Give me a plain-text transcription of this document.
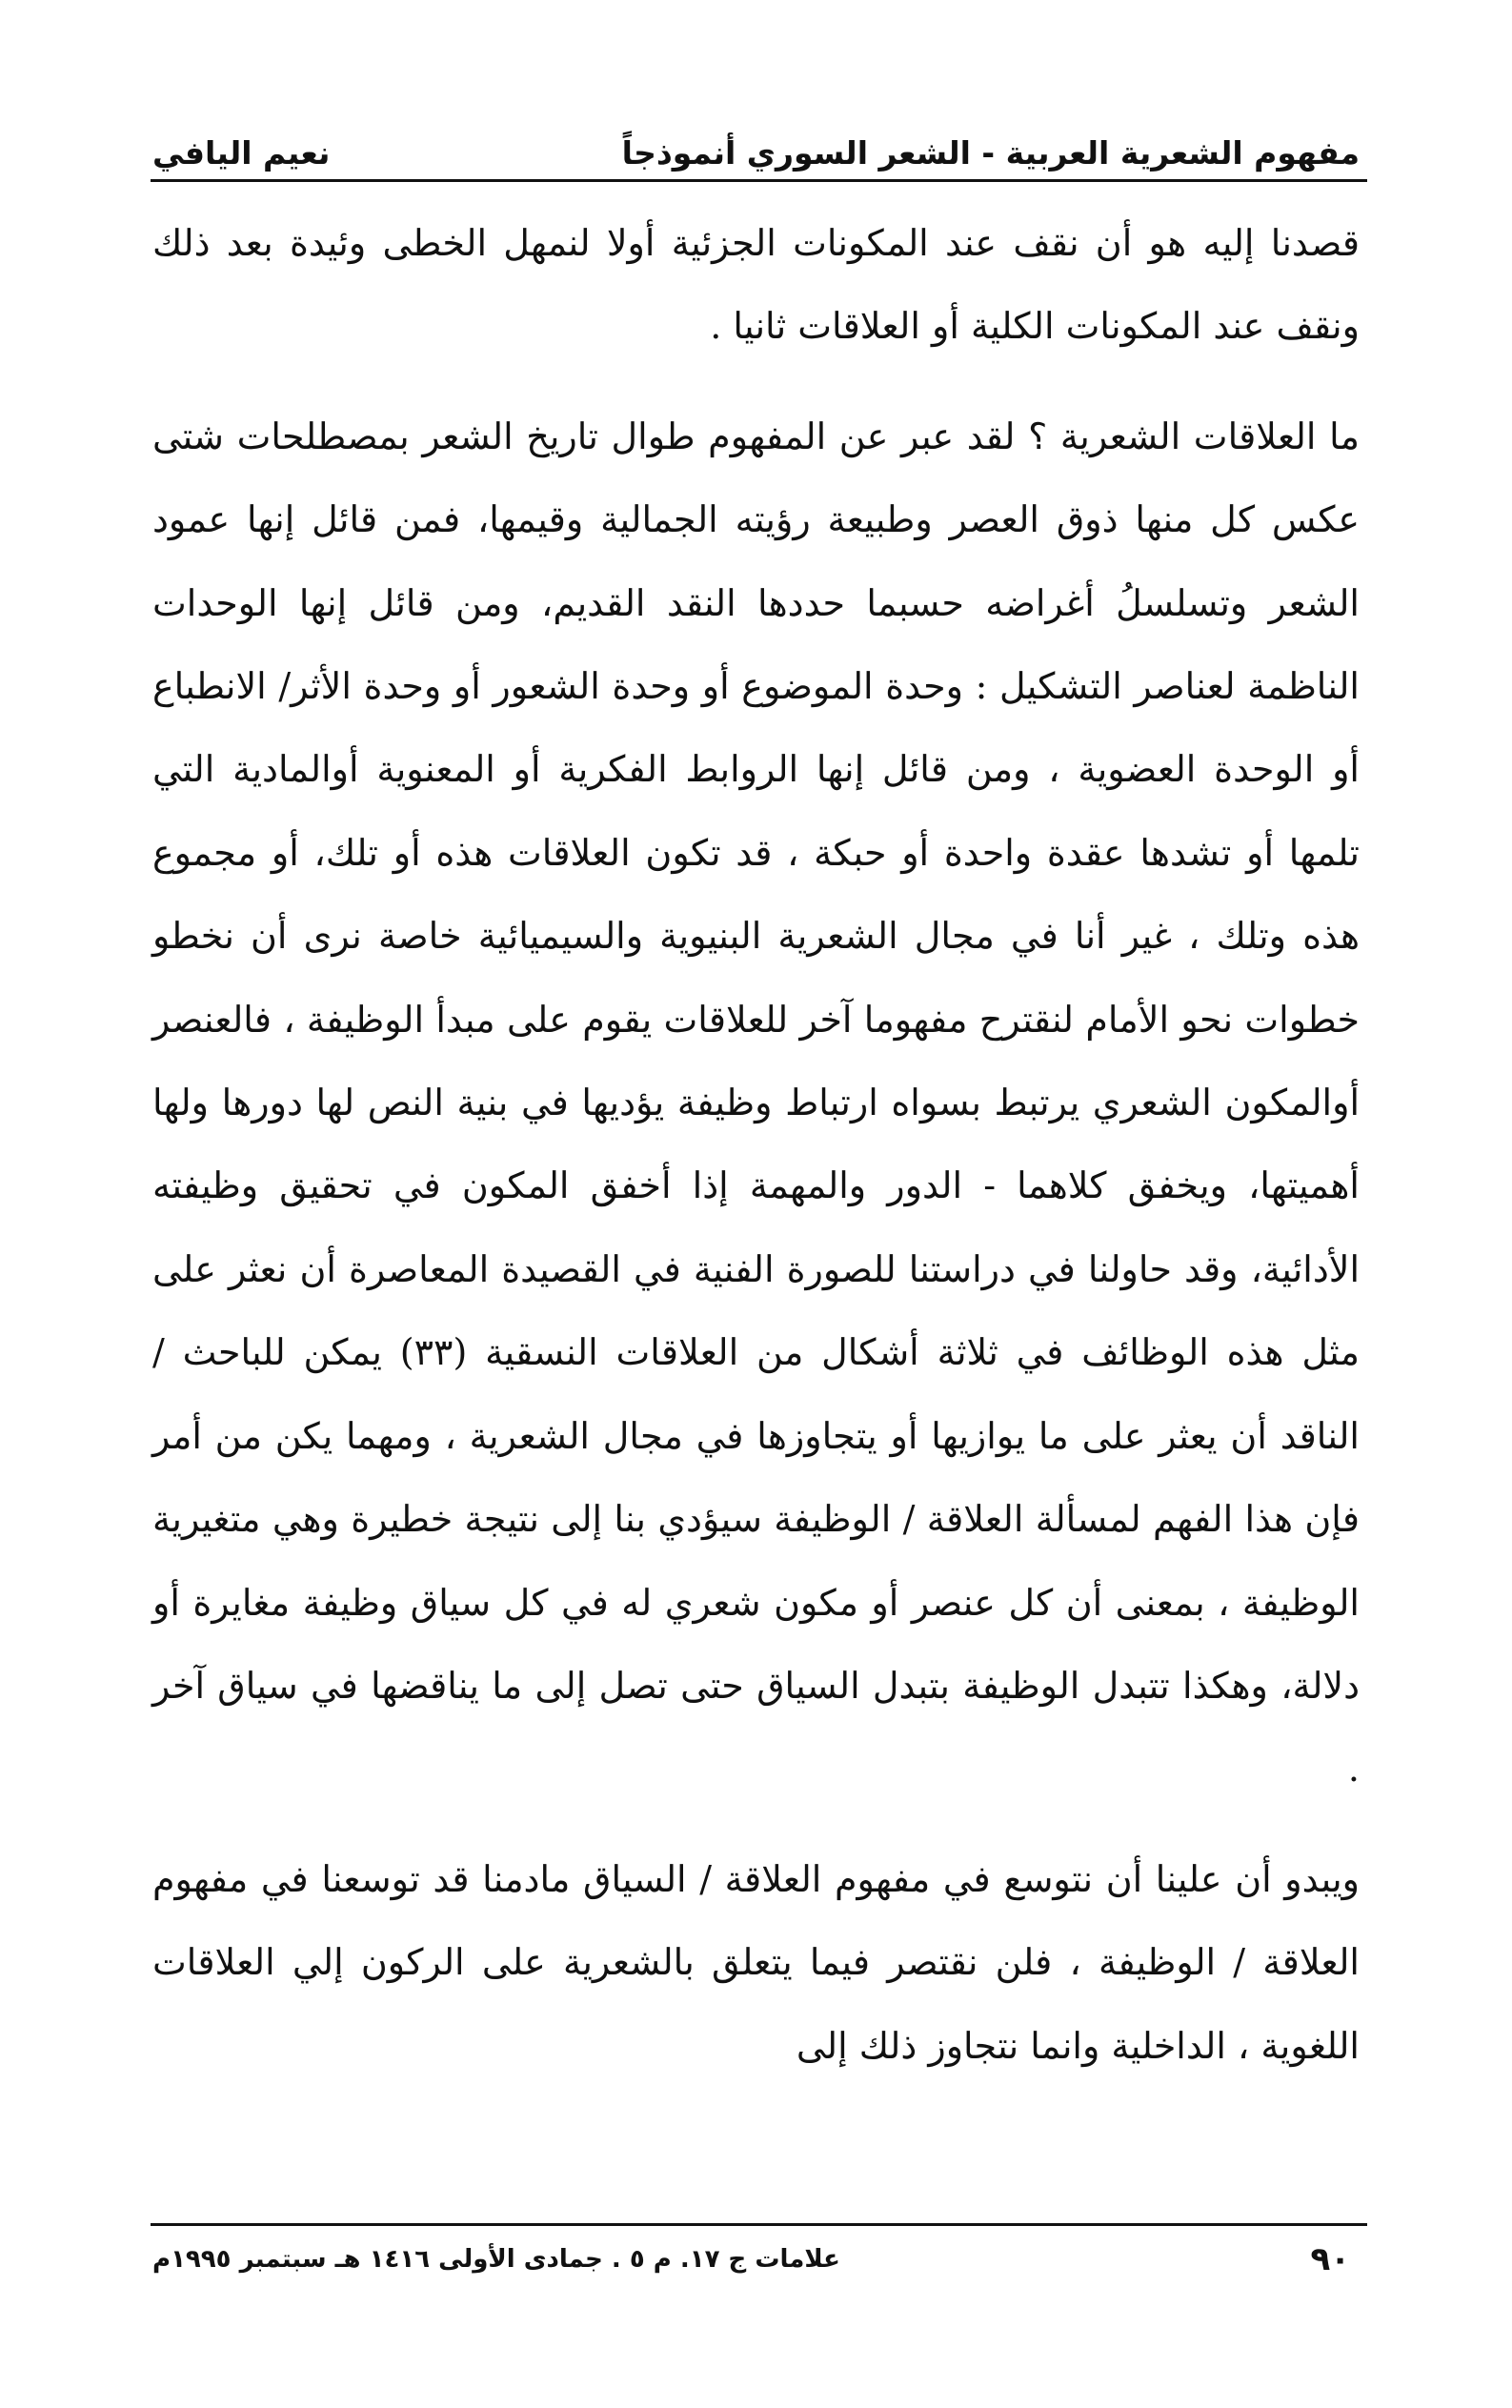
مفهوم الشعرية العربية - الشعر السوري أنموذجاً
نعيم اليافي

قصدنا إليه هو أن نقف عند المكونات الجزئية أولا لنمهل الخطى وئيدة بعد ذلك ونقف عند المكونات الكلية أو العلاقات ثانيا .

ما العلاقات الشعرية ؟ لقد عبر عن المفهوم طوال تاريخ الشعر بمصطلحات شتى عكس كل منها ذوق العصر وطبيعة رؤيته الجمالية وقيمها، فمن قائل إنها عمود الشعر وتسلسلُ أغراضه حسبما حددها النقد القديم، ومن قائل إنها الوحدات الناظمة لعناصر التشكيل : وحدة الموضوع أو وحدة الشعور أو وحدة الأثر/ الانطباع أو الوحدة العضوية ، ومن قائل إنها الروابط الفكرية أو المعنوية أوالمادية التي تلمها أو تشدها عقدة واحدة أو حبكة ، قد تكون العلاقات هذه أو تلك، أو مجموع هذه وتلك ، غير أنا في مجال الشعرية البنيوية والسيميائية خاصة نرى أن نخطو خطوات نحو الأمام لنقترح مفهوما آخر للعلاقات يقوم على مبدأ الوظيفة ، فالعنصر أوالمكون الشعري يرتبط بسواه ارتباط وظيفة يؤديها في بنية النص لها دورها ولها أهميتها، ويخفق كلاهما - الدور والمهمة إذا أخفق المكون في تحقيق وظيفته الأدائية، وقد حاولنا في دراستنا للصورة الفنية في القصيدة المعاصرة أن نعثر على مثل هذه الوظائف في ثلاثة أشكال من العلاقات النسقية (٣٣) يمكن للباحث / الناقد أن يعثر على ما يوازيها أو يتجاوزها في مجال الشعرية ، ومهما يكن من أمر فإن هذا الفهم لمسألة العلاقة / الوظيفة سيؤدي بنا إلى نتيجة خطيرة وهي متغيرية الوظيفة ، بمعنى أن كل عنصر أو مكون شعري له في كل سياق وظيفة مغايرة أو دلالة، وهكذا تتبدل الوظيفة بتبدل السياق حتى تصل إلى ما يناقضها في سياق آخر .

ويبدو أن علينا أن نتوسع في مفهوم العلاقة / السياق مادمنا قد توسعنا في مفهوم العلاقة / الوظيفة ، فلن نقتصر فيما يتعلق بالشعرية على الركون إلي العلاقات اللغوية ، الداخلية وانما نتجاوز ذلك إلى

٩٠
علامات ج ١٧. م ٥ . جمادى الأولى ١٤١٦ هـ سبتمبر ١٩٩٥م
